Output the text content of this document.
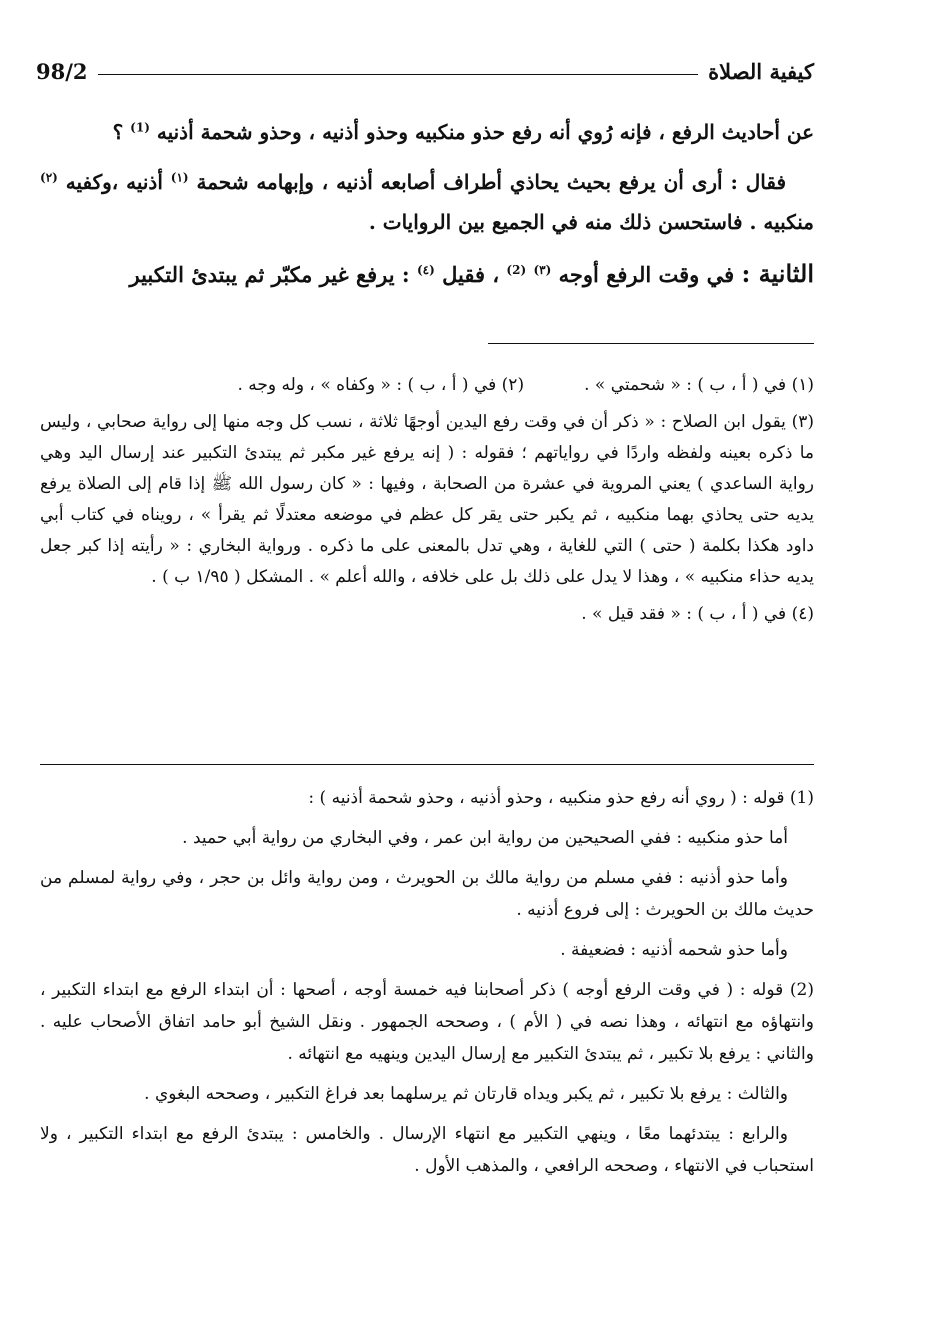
98/2	كيفية الصلاة

عن أحاديث الرفع ، فإنه رُوي أنه رفع حذو منكبيه وحذو أذنيه ، وحذو شحمة أذنيه $^{(1)}$ ؟

فقال : أرى أن يرفع بحيث يحاذي أطراف أصابعه أذنيه ، وإبهامه شحمة $^{(١)}$ أذنيه ،وكفيه $^{(٢)}$ منكبيه . فاستحسن ذلك منه في الجميع بين الروايات .

الثانية : في وقت الرفع أوجه $^{(٣)}$ $^{(2)}$ ، فقيل $^{(٤)}$ : يرفع غير مكبّر ثم يبتدئ التكبير

(١) في ( أ ، ب ) : « شحمتي » .
(٢) في ( أ ، ب ) : « وكفاه » ، وله وجه .

(٣) يقول ابن الصلاح : « ذكر أن في وقت رفع اليدين أوجهًا ثلاثة ، نسب كل وجه منها إلى رواية صحابي ، وليس ما ذكره بعينه ولفظه واردًا في رواياتهم ؛ فقوله : ( إنه يرفع غير مكبر ثم يبتدئ التكبير عند إرسال اليد وهي رواية الساعدي ) يعني المروية في عشرة من الصحابة ، وفيها : « كان رسول الله ﷺ إذا قام إلى الصلاة يرفع يديه حتى يحاذي بهما منكبيه ، ثم يكبر حتى يقر كل عظم في موضعه معتدلًا ثم يقرأ » ، رويناه في كتاب أبي داود هكذا بكلمة ( حتى ) التي للغاية ، وهي تدل بالمعنى على ما ذكره . ورواية البخاري : « رأيته إذا كبر جعل يديه حذاء منكبيه » ، وهذا لا يدل على ذلك بل على خلافه ، والله أعلم » . المشكل ( ١/٩٥ ب ) .

(٤) في ( أ ، ب ) : « فقد قيل » .

(1) قوله : ( روي أنه رفع حذو منكبيه ، وحذو أذنيه ، وحذو شحمة أذنيه ) :

أما حذو منكبيه : ففي الصحيحين من رواية ابن عمر ، وفي البخاري من رواية أبي حميد .

وأما حذو أذنيه : ففي مسلم من رواية مالك بن الحويرث ، ومن رواية وائل بن حجر ، وفي رواية لمسلم من حديث مالك بن الحويرث : إلى فروع أذنيه .

وأما حذو شحمه أذنيه : فضعيفة .

(2) قوله : ( في وقت الرفع أوجه ) ذكر أصحابنا فيه خمسة أوجه ، أصحها : أن ابتداء الرفع مع ابتداء التكبير ، وانتهاؤه مع انتهائه ، وهذا نصه في ( الأم ) ، وصححه الجمهور . ونقل الشيخ أبو حامد اتفاق الأصحاب عليه . والثاني : يرفع بلا تكبير ، ثم يبتدئ التكبير مع إرسال اليدين وينهيه مع انتهائه .

والثالث : يرفع بلا تكبير ، ثم يكبر ويداه قارتان ثم يرسلهما بعد فراغ التكبير ، وصححه البغوي .

والرابع : يبتدئهما معًا ، وينهي التكبير مع انتهاء الإرسال . والخامس : يبتدئ الرفع مع ابتداء التكبير ، ولا استحباب في الانتهاء ، وصححه الرافعي ، والمذهب الأول .
